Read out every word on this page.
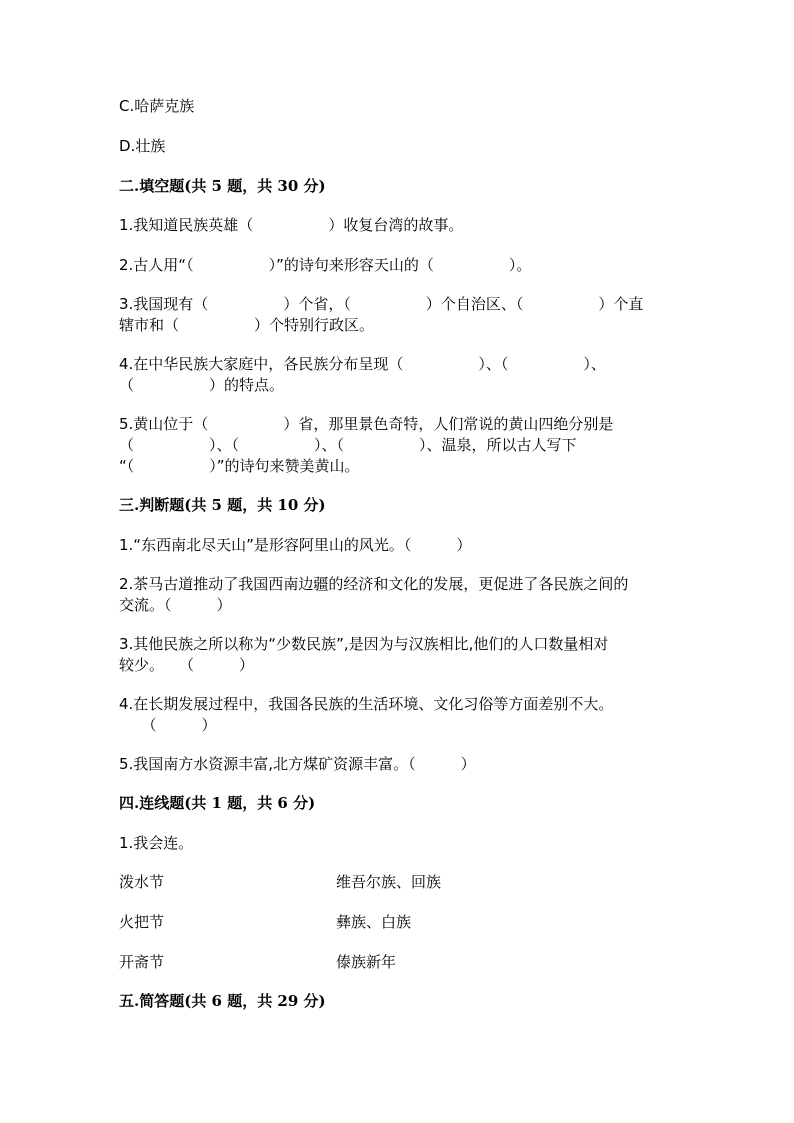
C.哈萨克族
D.壮族
二.填空题(共 5 题，共 30 分)
1.我知道民族英雄（　　　　　）收复台湾的故事。
2.古人用“（　　　　　）”的诗句来形容天山的（　　　　　）。
3.我国现有（　　　　　）个省，（　　　　　）个自治区、（　　　　　）个直
辖市和（　　　　　）个特别行政区。
4.在中华民族大家庭中，各民族分布呈现（　　　　　）、（　　　　　）、
（　　　　　）的特点。
5.黄山位于（　　　　　）省，那里景色奇特，人们常说的黄山四绝分别是
（　　　　　）、（　　　　　）、（　　　　　）、温泉，所以古人写下
“（　　　　　）”的诗句来赞美黄山。
三.判断题(共 5 题，共 10 分)
1.“东西南北尽天山”是形容阿里山的风光。（　　　）
2.茶马古道推动了我国西南边疆的经济和文化的发展，更促进了各民族之间的
交流。（　　　）
3.其他民族之所以称为“少数民族”,是因为与汉族相比,他们的人口数量相对
较少。　　（　　　）
4.在长期发展过程中，我国各民族的生活环境、文化习俗等方面差别不大。
　　（　　　）
5.我国南方水资源丰富,北方煤矿资源丰富。（　　　）
四.连线题(共 1 题，共 6 分)
1.我会连。
泼水节	维吾尔族、回族
火把节	彝族、白族
开斋节	傣族新年
五.简答题(共 6 题，共 29 分)
